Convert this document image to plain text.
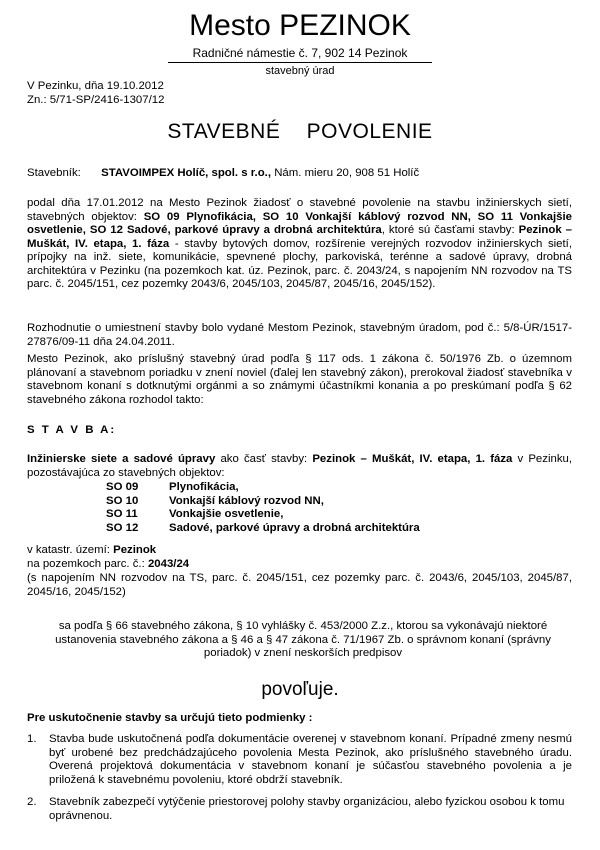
Mesto PEZINOK
Radničné námestie č. 7, 902 14 Pezinok
stavebný úrad
V Pezinku, dňa 19.10.2012
Zn.: 5/71-SP/2416-1307/12
STAVEBNÉ POVOLENIE
Stavebník: STAVOIMPEX Holíč, spol. s r.o., Nám. mieru 20, 908 51 Holíč
podal dňa 17.01.2012 na Mesto Pezinok žiadosť o stavebné povolenie na stavbu inžinierskych sietí, stavebných objektov: SO 09 Plynofikácia, SO 10 Vonkajší káblový rozvod NN, SO 11 Vonkajšie osvetlenie, SO 12 Sadové, parkové úpravy a drobná architektúra, ktoré sú časťami stavby: Pezinok – Muškát, IV. etapa, 1. fáza - stavby bytových domov, rozšírenie verejných rozvodov inžinierskych sietí, prípojky na inž. siete, komunikácie, spevnené plochy, parkoviská, terénne a sadové úpravy, drobná architektúra v Pezinku (na pozemkoch kat. úz. Pezinok, parc. č. 2043/24, s napojením NN rozvodov na TS parc. č. 2045/151, cez pozemky 2043/6, 2045/103, 2045/87, 2045/16, 2045/152).
Rozhodnutie o umiestnení stavby bolo vydané Mestom Pezinok, stavebným úradom, pod č.: 5/8-ÚR/1517-27876/09-11 dňa 24.04.2011.
Mesto Pezinok, ako príslušný stavebný úrad podľa § 117 ods. 1 zákona č. 50/1976 Zb. o územnom plánovaní a stavebnom poriadku v znení noviel (ďalej len stavebný zákon), prerokoval žiadosť stavebníka v stavebnom konaní s dotknutými orgánmi a so známymi účastníkmi konania a po preskúmaní podľa § 62 stavebného zákona rozhodol takto:
S T A V B A:
Inžinierske siete a sadové úpravy ako časť stavby: Pezinok – Muškát, IV. etapa, 1. fáza v Pezinku, pozostávajúca zo stavebných objektov:
SO 09	Plynofikácia,
SO 10	Vonkajší káblový rozvod NN,
SO 11	Vonkajšie osvetlenie,
SO 12	Sadové, parkové úpravy a drobná architektúra
v katastr. území: Pezinok
na pozemkoch parc. č.: 2043/24
(s napojením NN rozvodov na TS, parc. č. 2045/151, cez pozemky parc. č. 2043/6, 2045/103, 2045/87, 2045/16, 2045/152)
sa podľa § 66 stavebného zákona, § 10 vyhlášky č. 453/2000 Z.z., ktorou sa vykonávajú niektoré ustanovenia stavebného zákona a § 46 a § 47 zákona č. 71/1967 Zb. o správnom konaní (správny poriadok) v znení neskorších predpisov
povoľuje.
Pre uskutočnenie stavby sa určujú tieto podmienky :
1.	Stavba bude uskutočnená podľa dokumentácie overenej v stavebnom konaní. Prípadné zmeny nesmú byť urobené bez predchádzajúceho povolenia Mesta Pezinok, ako príslušného stavebného úradu. Overená projektová dokumentácia v stavebnom konaní je súčasťou stavebného povolenia a je priložená k stavebnému povoleniu, ktoré obdrží stavebník.
2.	Stavebník zabezpečí vytýčenie priestorovej polohy stavby organizáciou, alebo fyzickou osobou k tomu oprávnenou.
